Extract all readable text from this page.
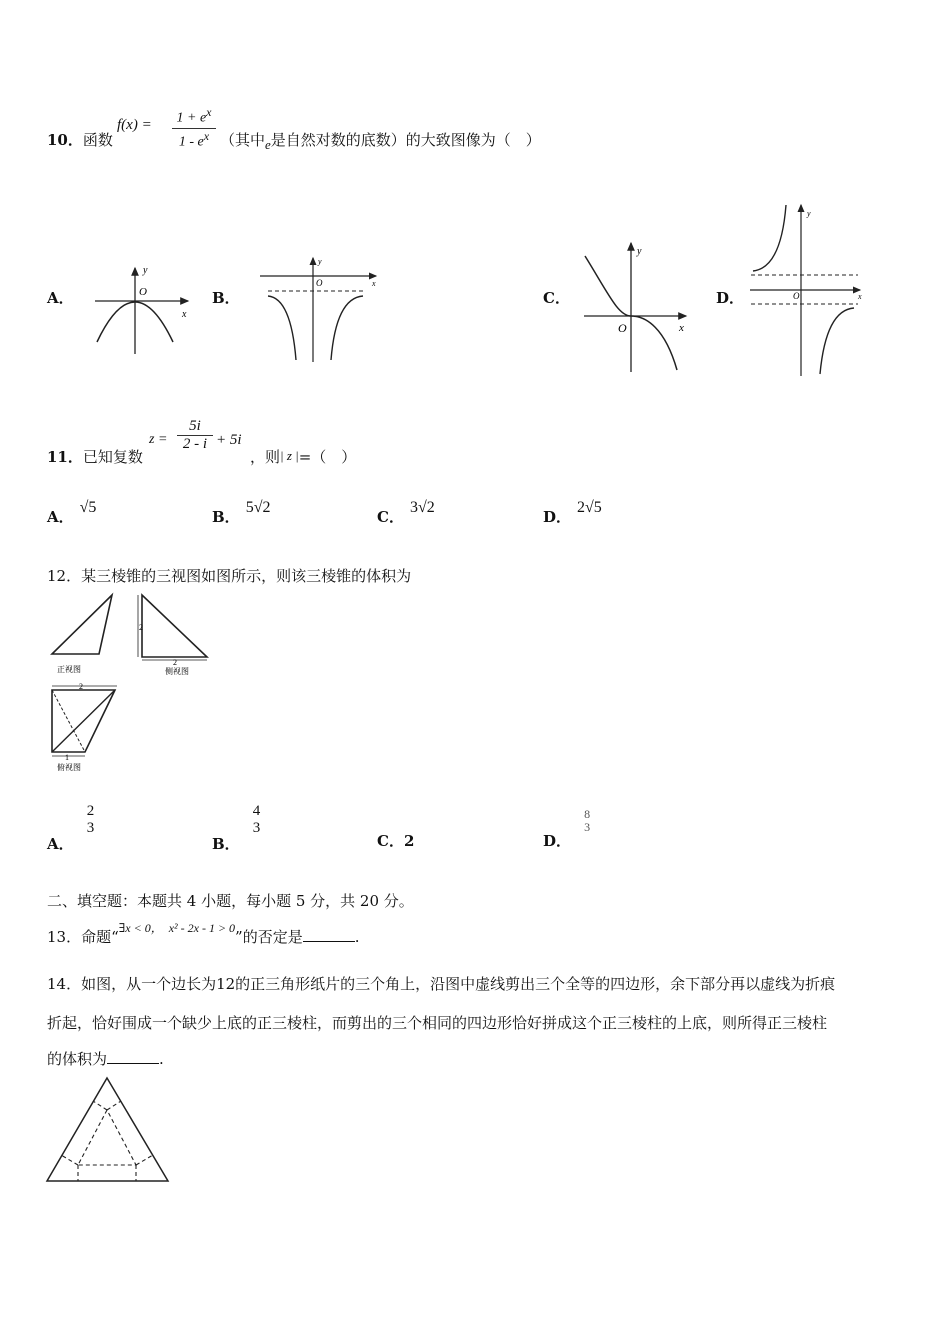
10．函数
f(x) =	$1 + e^x$
$1 - e^x$ （其中e是自然对数的底数）的大致图像为（　）
A．	B．	C．	D．
y
x
O
y
x
O
y
x
O
y
x
O
11．已知复数
$z = \frac{5i}{2 - i} + 5i$
，则| z |=（　）
A．√5
B．5√2
C．3√2
D．2√5
12．某三棱锥的三视图如图所示，则该三棱锥的体积为
正视图
2
2
侧视图
2
1
俯视图
A．
2
3
B．
4
3
C．2	D．
8
3
二、填空题：本题共 4 小题，每小题 5 分，共 20 分。
13．命题“$^{\exists x < 0,}$ $^{x^2 - 2x - 1 > 0}$”的否定是	.
14．如图，从一个边长为12的正三角形纸片的三个角上，沿图中虚线剪出三个全等的四边形，余下部分再以虚线为折痕
折起，恰好围成一个缺少上底的正三棱柱，而剪出的三个相同的四边形恰好拼成这个正三棱柱的上底，则所得正三棱柱
的体积为	.
